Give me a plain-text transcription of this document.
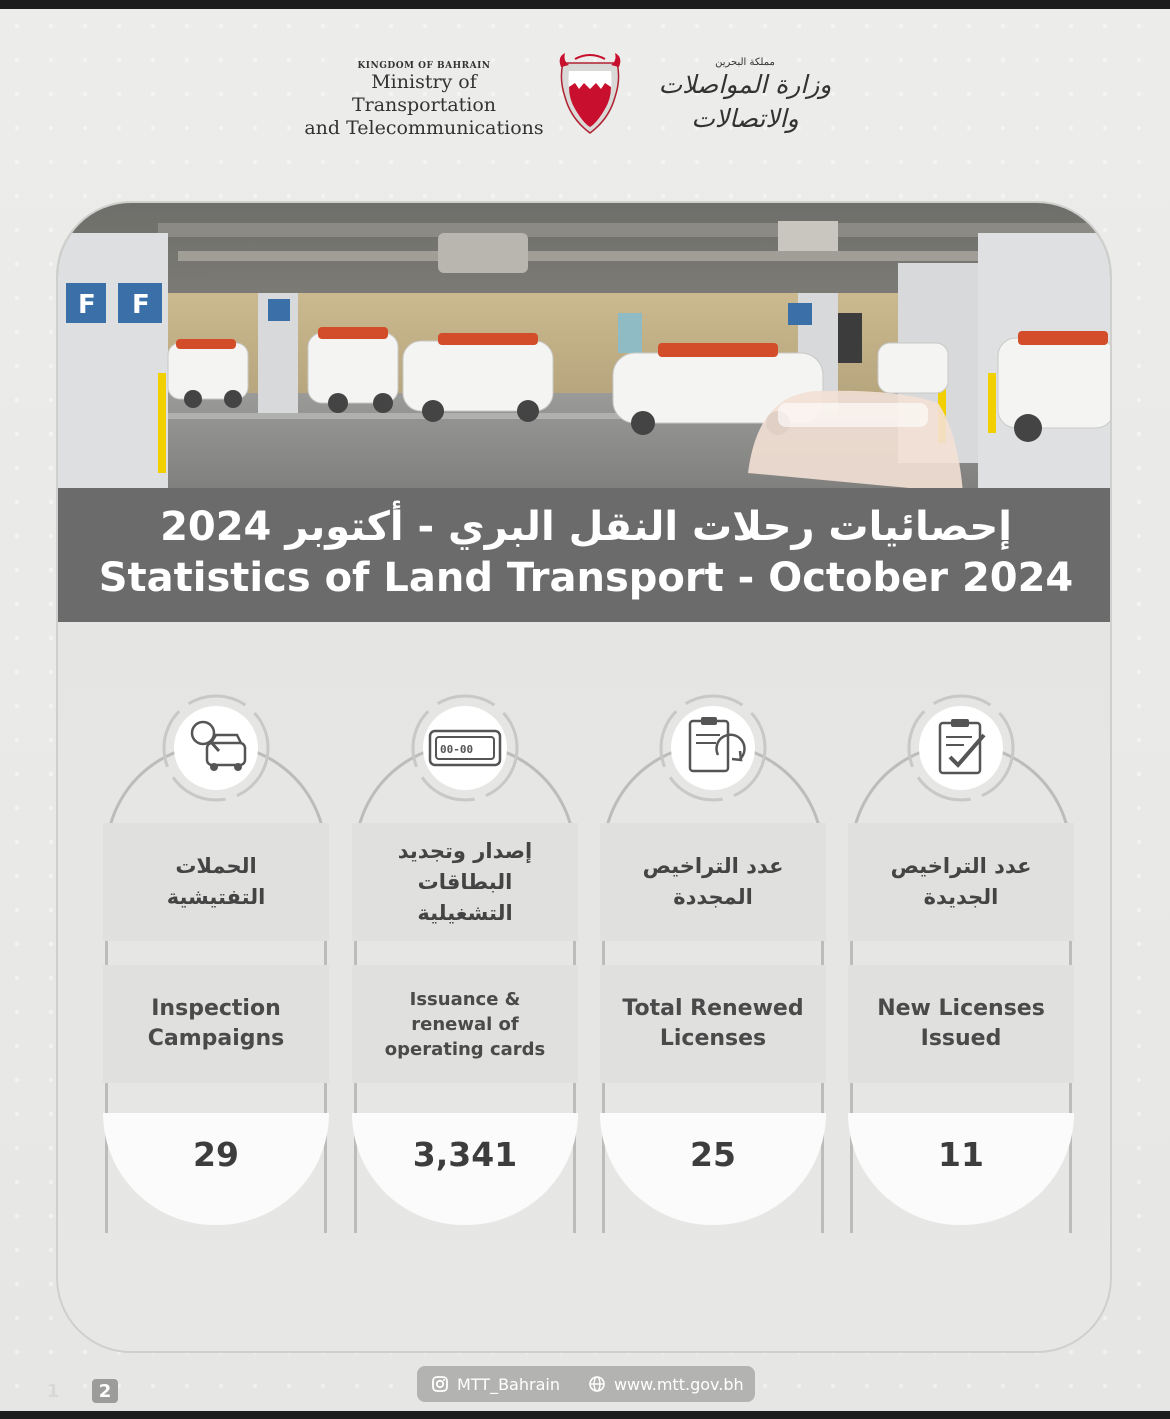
KINGDOM OF BAHRAIN
Ministry of Transportation
and Telecommunications
مملكة البحرين
وزارة المواصلات والاتصالات
F F
إحصائيات رحلات النقل البري - أكتوبر 2024
Statistics of Land Transport - October 2024
الحملات التفتيشية
Inspection Campaigns
29
00-00
إصدار وتجديد البطاقات التشغيلية
Issuance & renewal of operating cards
3,341
عدد التراخيص المجددة
Total Renewed Licenses
25
عدد التراخيص الجديدة
New Licenses Issued
11
1	2	MTT_Bahrain	www.mtt.gov.bh
